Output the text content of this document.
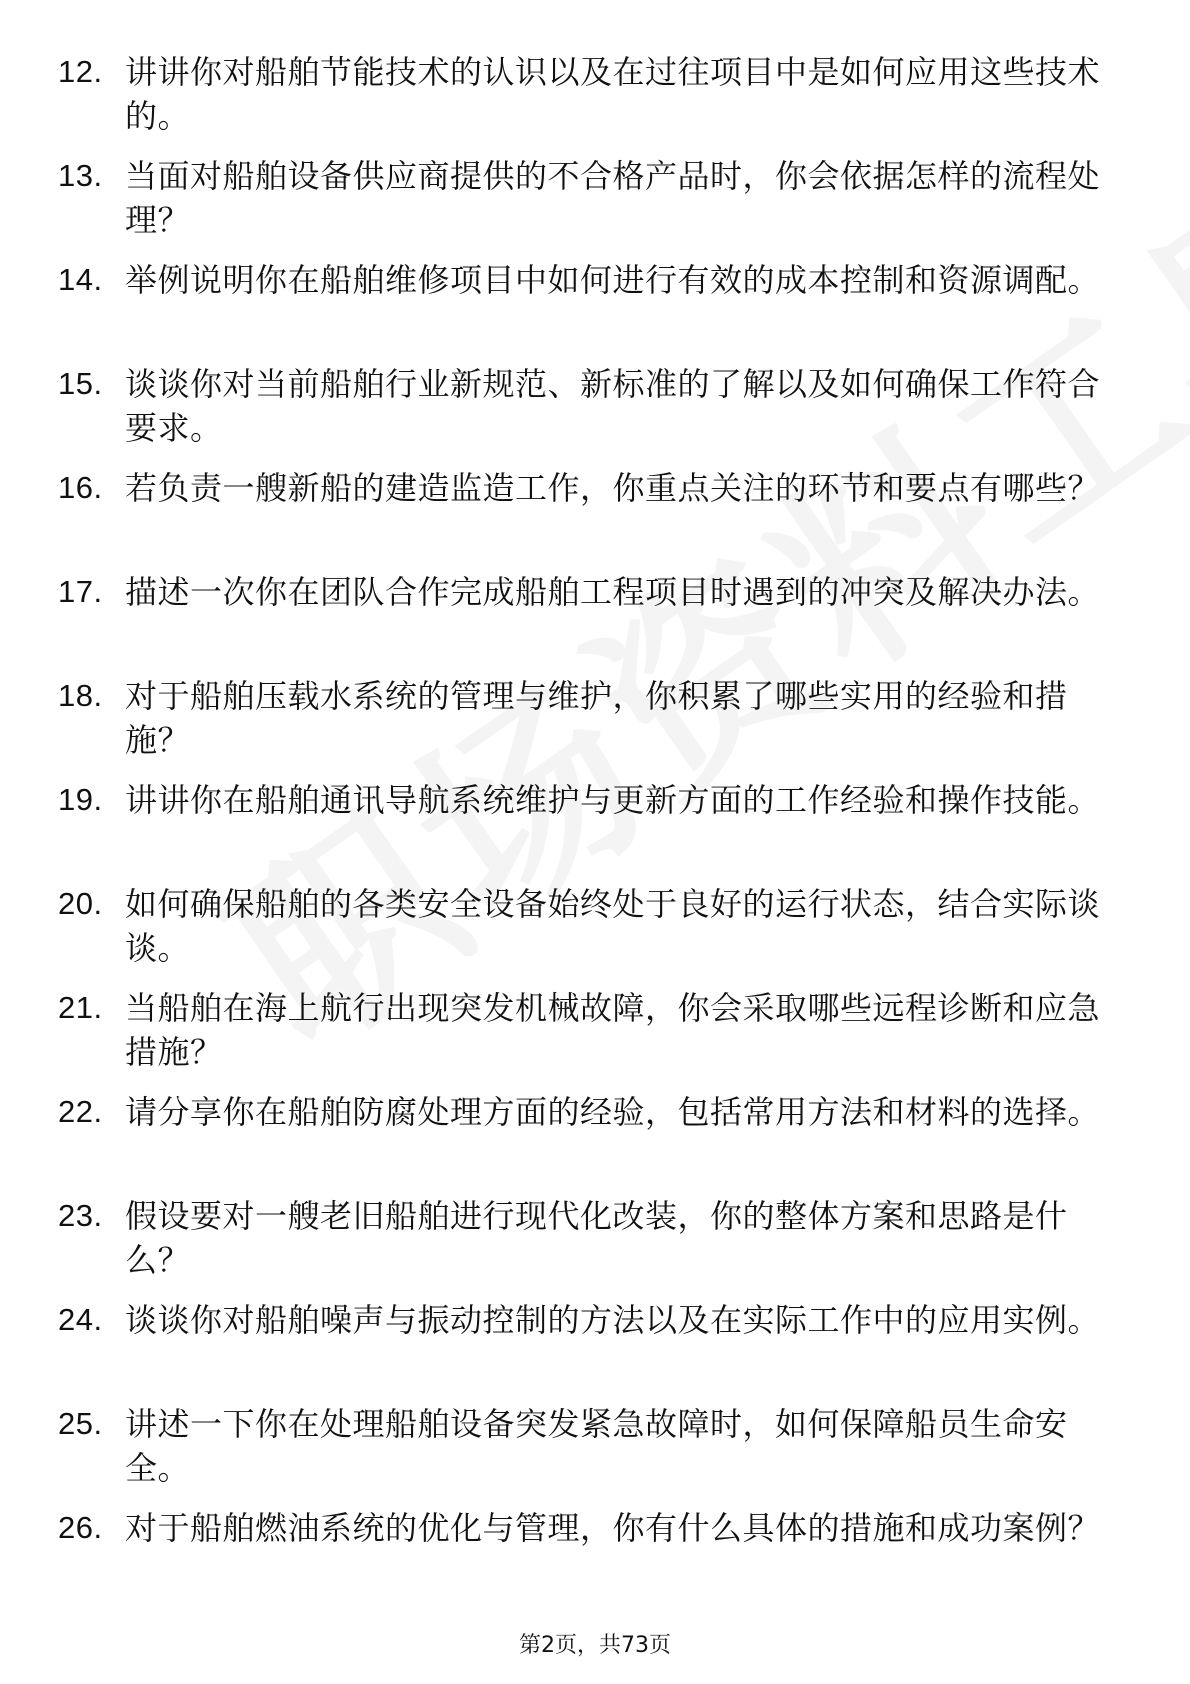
12. 讲讲你对船舶节能技术的认识以及在过往项目中是如何应用这些技术的。
13. 当面对船舶设备供应商提供的不合格产品时，你会依据怎样的流程处理？
14. 举例说明你在船舶维修项目中如何进行有效的成本控制和资源调配。
15. 谈谈你对当前船舶行业新规范、新标准的了解以及如何确保工作符合要求。
16. 若负责一艘新船的建造监造工作，你重点关注的环节和要点有哪些？
17. 描述一次你在团队合作完成船舶工程项目时遇到的冲突及解决办法。
18. 对于船舶压载水系统的管理与维护，你积累了哪些实用的经验和措施？
19. 讲讲你在船舶通讯导航系统维护与更新方面的工作经验和操作技能。
20. 如何确保船舶的各类安全设备始终处于良好的运行状态，结合实际谈谈。
21. 当船舶在海上航行出现突发机械故障，你会采取哪些远程诊断和应急措施？
22. 请分享你在船舶防腐处理方面的经验，包括常用方法和材料的选择。
23. 假设要对一艘老旧船舶进行现代化改装，你的整体方案和思路是什么？
24. 谈谈你对船舶噪声与振动控制的方法以及在实际工作中的应用实例。
25. 讲述一下你在处理船舶设备突发紧急故障时，如何保障船员生命安全。
26. 对于船舶燃油系统的优化与管理，你有什么具体的措施和成功案例？
第2页，共73页
